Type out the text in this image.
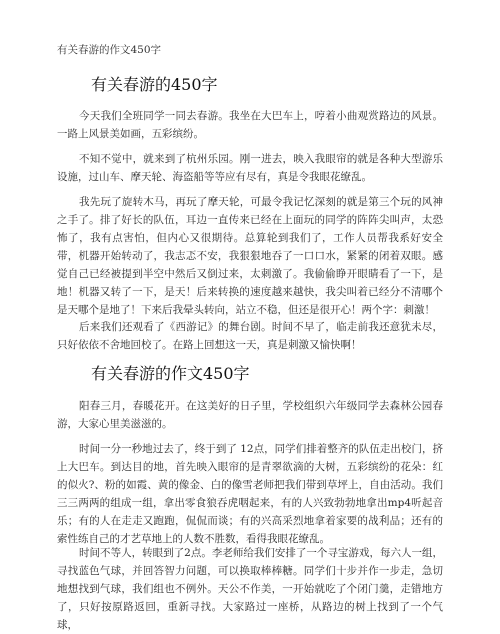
有关春游的作文450字
有关春游的450字

今天我们全班同学一同去春游。我坐在大巴车上，哼着小曲观赏路边的风景。一路上风景美如画，五彩缤纷。

不知不觉中，就来到了杭州乐园。刚一进去，映入我眼帘的就是各种大型游乐设施，过山车、摩天轮、海盗船等等应有尽有，真是令我眼花缭乱。

我先玩了旋转木马，再玩了摩天轮，可最令我记忆深刻的就是第三个玩的风神之手了。排了好长的队伍，耳边一直传来已经在上面玩的同学的阵阵尖叫声，太恐怖了，我有点害怕，但内心又很期待。总算轮到我们了，工作人员帮我系好安全带，机器开始转动了，我志忑不安，我狠狠地吞了一口口水，紧紧的闭着双眼。感觉自己已经被提到半空中然后又倒过来，太刺激了。我偷偷睁开眼睛看了一下，是地！机器又转了一下，是天！后来转换的速度越来越快，我尖叫着已经分不清哪个是天哪个是地了！下来后我晕头转向，站立不稳，但还是很开心！两个字：刺激！

后来我们还观看了《西游记》的舞台剧。时间不早了，临走前我还意犹未尽，只好依依不舍地回校了。在路上回想这一天，真是刺激又愉快啊！

有关春游的作文450字

阳春三月，春暖花开。在这美好的日子里，学校组织六年级同学去森林公园春游，大家心里美滋滋的。

时间一分一秒地过去了，终于到了 12点，同学们排着整齐的队伍走出校门，挤上大巴车。到达目的地，首先映入眼帘的是青翠欲滴的大树，五彩缤纷的花朵：红的似火?、粉的如霞、黄的像金、白的像雪老师把我们带到草坪上，自由活动。我们三三两两的组成一组，拿出零食狼吞虎咽起来，有的人兴致勃勃地拿出mp4听起音乐；有的人在走走又跑跑，侃侃而谈；有的兴高采烈地拿着家要的战利品；还有的索性练自己的才艺草地上的人数不胜数，看得我眼花缭乱。

时间不等人，转眼到了2点。李老师给我们安排了一个寻宝游戏，每六人一组，寻找蓝色气球，并回答智力问题，可以换取棒棒糖。同学们十步并作一步走，急切地想找到气球，我们组也不例外。天公不作美，一开始就吃了个闭门羹，走错地方了，只好按原路返回，重新寻找。大家路过一座桥，从路边的树上找到了一个气球，
